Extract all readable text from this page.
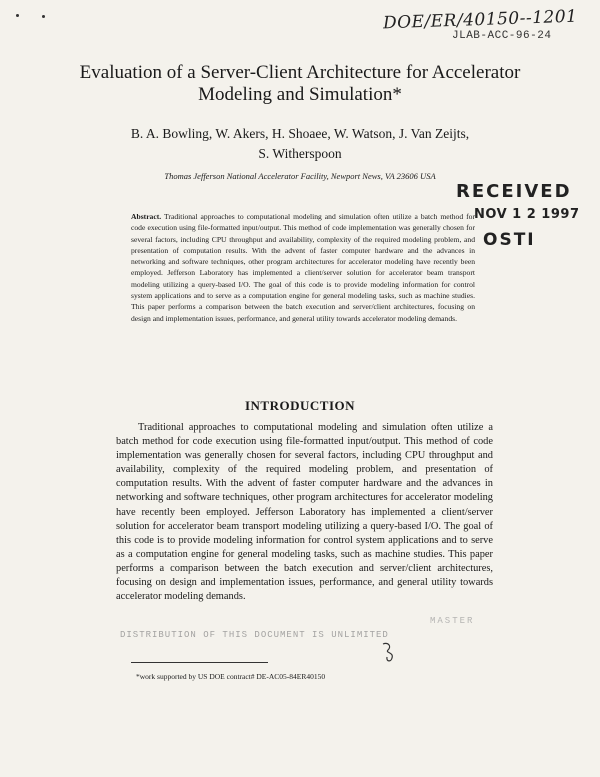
DOE/ER/40150--1201
JLAB-ACC-96-24
Evaluation of a Server-Client Architecture for Accelerator Modeling and Simulation*
B. A. Bowling, W. Akers, H. Shoaee, W. Watson, J. Van Zeijts,
S. Witherspoon
Thomas Jefferson National Accelerator Facility, Newport News, VA 23606 USA
RECEIVED
NOV 1 2 1997
OSTI
Abstract. Traditional approaches to computational modeling and simulation often utilize a batch method for code execution using file-formatted input/output. This method of code implementation was generally chosen for several factors, including CPU throughput and availability, complexity of the required modeling problem, and presentation of computation results. With the advent of faster computer hardware and the advances in networking and software techniques, other program architectures for accelerator modeling have recently been employed. Jefferson Laboratory has implemented a client/server solution for accelerator beam transport modeling utilizing a query-based I/O. The goal of this code is to provide modeling information for control system applications and to serve as a computation engine for general modeling tasks, such as machine studies. This paper performs a comparison between the batch execution and server/client architectures, focusing on design and implementation issues, performance, and general utility towards accelerator modeling demands.
INTRODUCTION
Traditional approaches to computational modeling and simulation often utilize a batch method for code execution using file-formatted input/output. This method of code implementation was generally chosen for several factors, including CPU throughput and availability, complexity of the required modeling problem, and presentation of computation results. With the advent of faster computer hardware and the advances in networking and software techniques, other program architectures for accelerator modeling have recently been employed. Jefferson Laboratory has implemented a client/server solution for accelerator beam transport modeling utilizing a query-based I/O. The goal of this code is to provide modeling information for control system applications and to serve as a computation engine for general modeling tasks, such as machine studies. This paper performs a comparison between the batch execution and server/client architectures, focusing on design and implementation issues, performance, and general utility towards accelerator modeling demands.
DISTRIBUTION OF THIS DOCUMENT IS UNLIMITED
MASTER
*work supported by US DOE contract# DE-AC05-84ER40150
